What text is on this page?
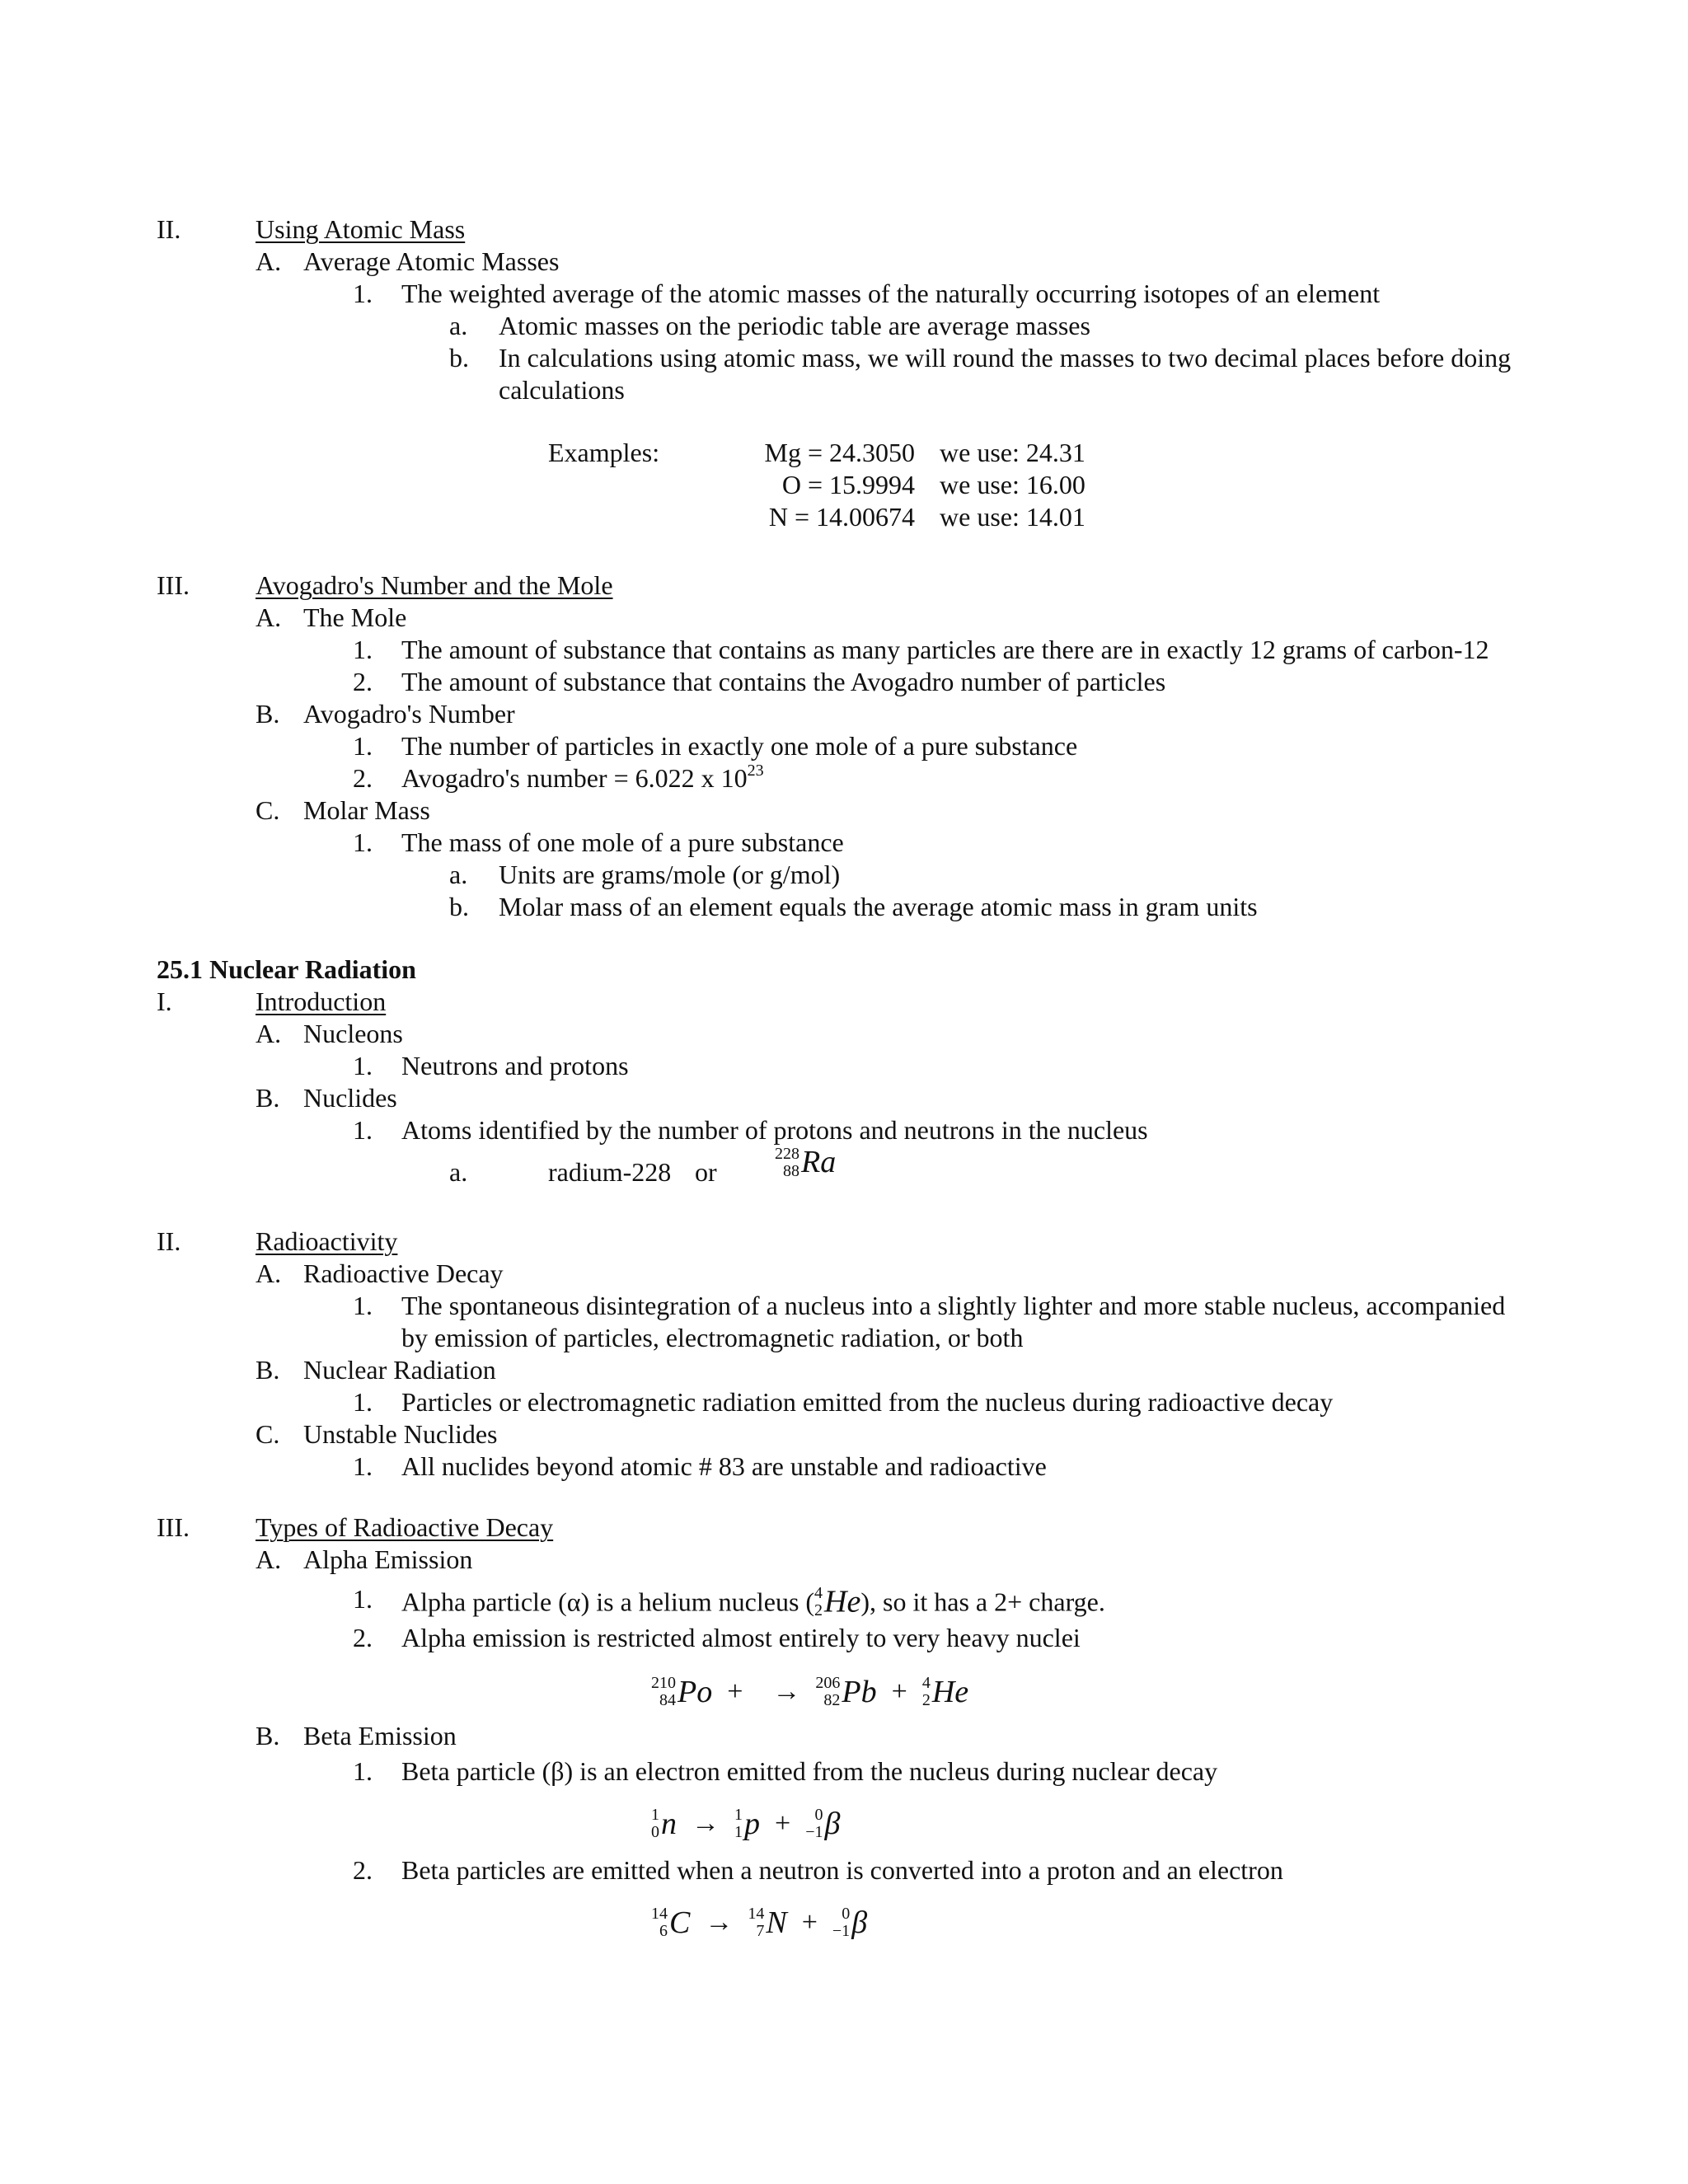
II.	Using Atomic Mass
A. Average Atomic Masses
1. The weighted average of the atomic masses of the naturally occurring isotopes of an element
a. Atomic masses on the periodic table are average masses
b. In calculations using atomic mass, we will round the masses to two decimal places before doing
calculations
Examples:	Mg = 24.3050 we use: 24.31
O = 15.9994 we use: 16.00
N = 14.00674 we use: 14.01
III.	Avogadro's Number and the Mole
A. The Mole
1. The amount of substance that contains as many particles are there are in exactly 12 grams of carbon-12
2. The amount of substance that contains the Avogadro number of particles
B. Avogadro's Number
1. The number of particles in exactly one mole of a pure substance
2. Avogadro's number = 6.022 x $10^{23}$
C. Molar Mass
1. The mass of one mole of a pure substance
a. Units are grams/mole (or g/mol)
b. Molar mass of an element equals the average atomic mass in gram units
25.1 Nuclear Radiation
I.	Introduction
A. Nucleons
1. Neutrons and protons
B. Nuclides
1. Atoms identified by the number of protons and neutrons in the nucleus
a.	radium-228 or
228
88 Ra
II.	Radioactivity
A. Radioactive Decay
1. The spontaneous disintegration of a nucleus into a slightly lighter and more stable nucleus, accompanied
by emission of particles, electromagnetic radiation, or both
B. Nuclear Radiation
1. Particles or electromagnetic radiation emitted from the nucleus during radioactive decay
C. Unstable Nuclides
1. All nuclides beyond atomic # 83 are unstable and radioactive
III.	Types of Radioactive Decay
A. Alpha Emission
1. Alpha particle (α) is a helium nucleus ( 4
2 He), so it has a 2+ charge.
2. Alpha emission is restricted almost entirely to very heavy nuclei
210
84 Po + → 206
82 Pb + 4
2 He
B. Beta Emission
1. Beta particle (β) is an electron emitted from the nucleus during nuclear decay
1
0 n → 1
1 p + 0
−1 β
2. Beta particles are emitted when a neutron is converted into a proton and an electron
14
6 C → 14
7 N + 0
−1 β
